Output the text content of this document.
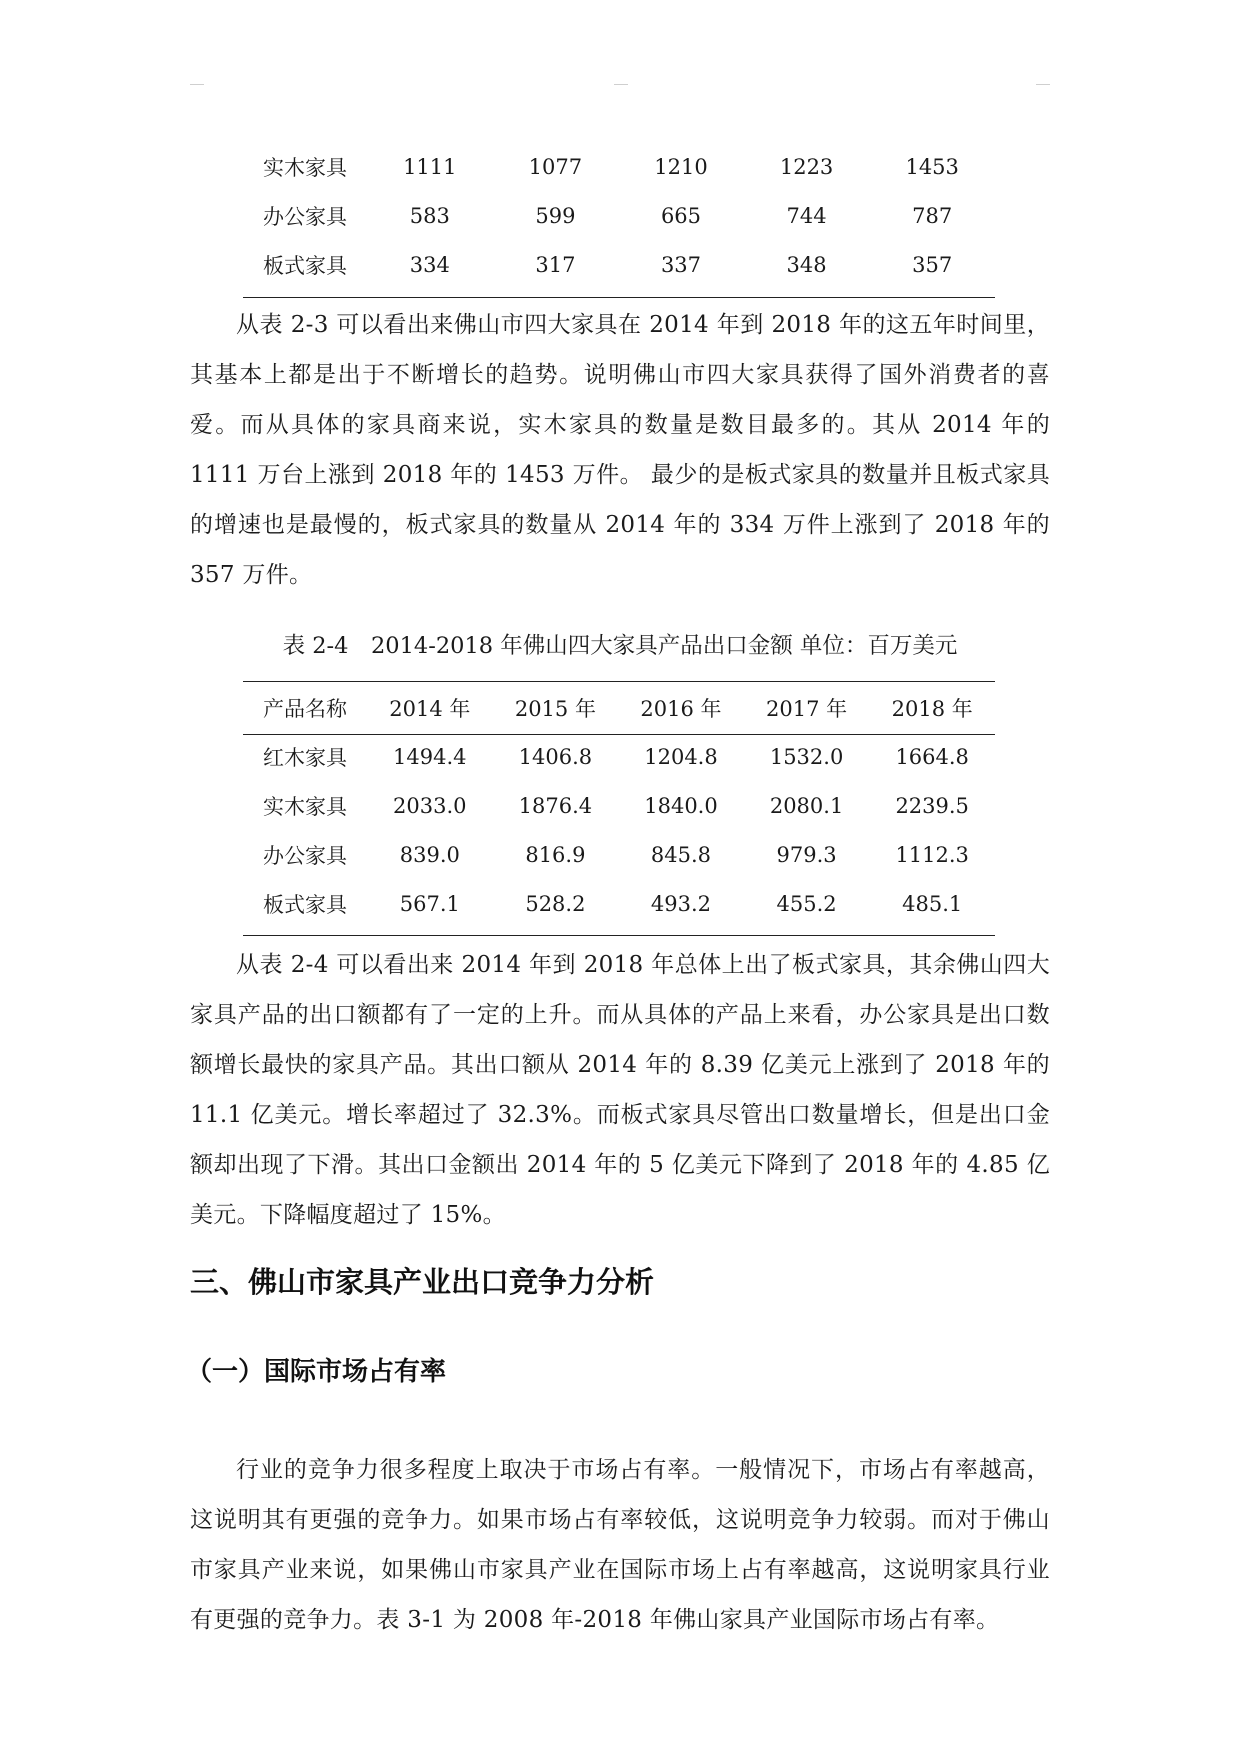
实木家具	1111	1077	1210	1223	1453
办公家具	583	599	665	744	787
板式家具	334	317	337	348	357

从表 2-3 可以看出来佛山市四大家具在 2014 年到 2018 年的这五年时间里，其基本上都是出于不断增长的趋势。说明佛山市四大家具获得了国外消费者的喜爱。而从具体的家具商来说，实木家具的数量是数目最多的。其从 2014 年的 1111 万台上涨到 2018 年的 1453 万件。 最少的是板式家具的数量并且板式家具的增速也是最慢的，板式家具的数量从 2014 年的 334 万件上涨到了 2018 年的 357 万件。

表 2-4　2014-2018 年佛山四大家具产品出口金额 单位：百万美元
产品名称	2014 年	2015 年	2016 年	2017 年	2018 年
红木家具	1494.4	1406.8	1204.8	1532.0	1664.8
实木家具	2033.0	1876.4	1840.0	2080.1	2239.5
办公家具	839.0	816.9	845.8	979.3	1112.3
板式家具	567.1	528.2	493.2	455.2	485.1

从表 2-4 可以看出来 2014 年到 2018 年总体上出了板式家具，其余佛山四大家具产品的出口额都有了一定的上升。而从具体的产品上来看，办公家具是出口数额增长最快的家具产品。其出口额从 2014 年的 8.39 亿美元上涨到了 2018 年的 11.1 亿美元。增长率超过了 32.3%。而板式家具尽管出口数量增长，但是出口金额却出现了下滑。其出口金额出 2014 年的 5 亿美元下降到了 2018 年的 4.85 亿美元。下降幅度超过了 15%。

三、佛山市家具产业出口竞争力分析
（一）国际市场占有率

行业的竞争力很多程度上取决于市场占有率。一般情况下，市场占有率越高，这说明其有更强的竞争力。如果市场占有率较低，这说明竞争力较弱。而对于佛山市家具产业来说，如果佛山市家具产业在国际市场上占有率越高，这说明家具行业有更强的竞争力。表 3-1 为 2008 年-2018 年佛山家具产业国际市场占有率。
